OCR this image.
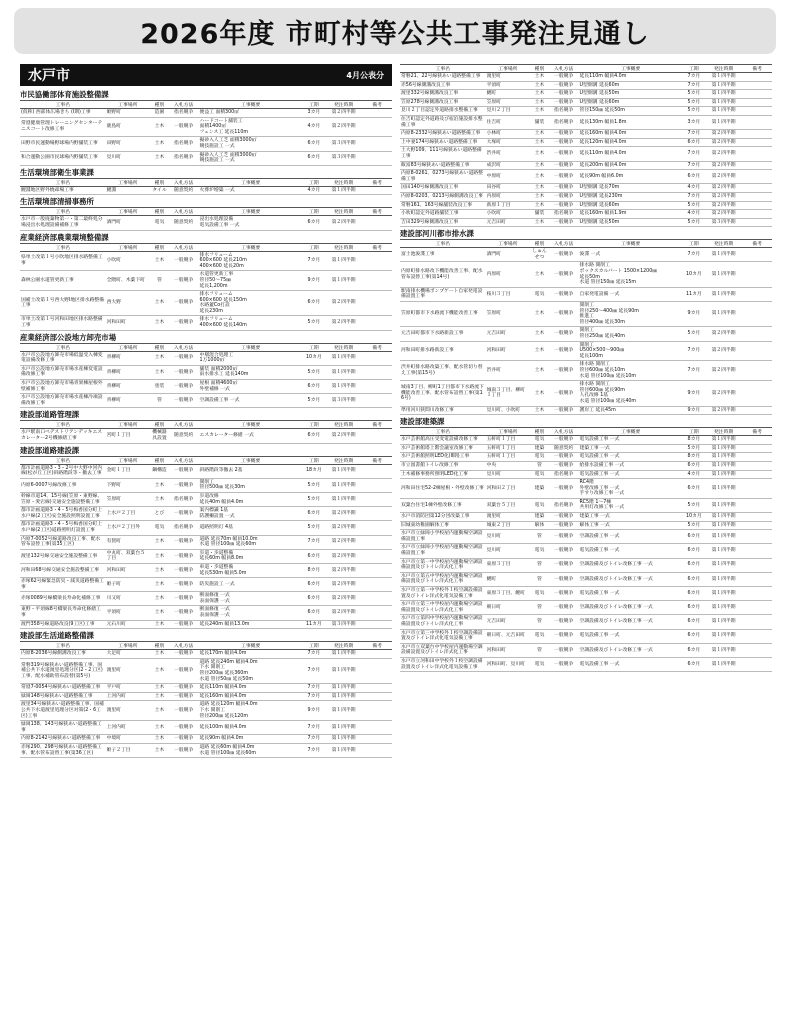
2026年度 市町村等公共工事発注見通し
水戸市	4月公表分
市民協働部体育施設整備課
工事名	工事場所	種別	入札方法	工事概要	工期	発注時期	備考
(仮称) 西部体広場きち (Ⅰ期)工事	姫野町	造園	指名競争	便益工 面積300㎡	3カ月	第２四半期	
常澄健康管理トレーニングセンターテニスコート改修工事	鹿島町	土木	一般競争	ハードコート舗装工
面積1400㎡
フェンス工 延長110m	4カ月	第２四半期	
田野市民運動場野球場内野舗装工事	田野町	土木	指名競争	擬砂入人工芝 面積3000㎡
競技施設工 一式	6カ月	第３四半期	
和合運動公園市民球場内野舗装工事	見川町	土木	指名競争	擬砂入人工芝 面積3000㎡
競技施設工 一式	6カ月	第３四半期	
生活環境部衛生事業課
工事名	工事場所	種別	入札方法	工事概要	工期	発注時期	備考
鯉淵地区野外焼却場工事	鯉淵	タイル	随意契約	火葬炉増築 一式	4カ月	第１四半期	
生活環境部清掃事務所
工事名	工事場所	種別	入札方法	工事概要	工期	発注時期	備考
水戸市一般廃棄物第一・第二最終処分場浸出水処理設備補修工事	酒門町	電気	随意契約	浸出水処理設備
電気設備工事 一式	6カ月	第２四半期	
産業経済部農業環境整備課
工事名	工事場所	種別	入札方法	工事概要	工期	発注時期	備考
県単土改第１号小吹地区排水路整備工事	小吹町	土木	一般競争	排水フリューム
600×600 延長210m
400×600 延長20m	7カ月	第１四半期	
森林公園水道管更新工事	全隈町、木葉下町	管	一般競争	水道管更新工事
管径50～75㎜
延長1,200m	9カ月	第１四半期	
国補土改第１号西大野Ⅰ地区排水路整備工事	西大野	土木	一般競争	排水フリューム
600×600 延長150m
水路蓋Co打設
延長230m	6カ月	第２四半期	
市単土改第１号河和田地区排水路整備工事	河和田町	土木	一般競争	排水フリューム
400×600 延長140m	5カ月	第２四半期	
産業経済部公設地方卸売市場
工事名	工事場所	種別	入札方法	工事概要	工期	発注時期	備考
水戸市公設地方卸売市場低温受入棟変電設備改修工事	青柳町	土木	一般競争	中層混合処理工
1万1000㎡	10カ月	第１四半期	
水戸市公設地方卸売市場水産棟変電設備改修工事	青柳町	土木	一般競争	舗装 面積2000㎡
雨水排水工 延長140m	5カ月	第１四半期	
水戸市公設地方卸売市場青果棟屋根外壁補修工事	青柳町	塗装	一般競争	屋根 面積4600㎡
外壁補修 一式	6カ月	第１四半期	
水戸市公設地方卸売市場水産棟冷凍設備改修工事	青柳町	管	一般競争	空調設備工事 一式	5カ月	第３四半期	
建設部道路管理課
工事名	工事場所	種別	入札方法	工事概要	工期	発注時期	備考
水戸駅南口ペデストリアンデッキエスカレーター2号機修繕工事	宮町１丁目	機械器具設置	随意契約	エスカレーター修繕 一式	6カ月	第２四半期	
建設部道路建設課
工事名	工事場所	種別	入札方法	工事概要	工期	発注時期	備考
都市計画道路3・3・2号中大野中河内線(松が丘工区)斜路階段等・撤去工事	金町１丁目	鋼構造	一般競争	斜路階段等撤去 2基	18カ月	第１四半期	
内原6-0007号線改修工事	下野町	土木	一般競争	開削工
管径500㎜ 延長30m	5カ月	第１四半期	
幹線市道14、15号線(笠原・東野線、笠原・愛宕線)交通安全施設整備工事	笠原町	土木	指名競争	歩道改修
延長40m 幅員4.0m	5カ月	第１四半期	
都市計画道路3・4・5号梅香国分町上水戸線(2工区)安全施設照明設置工事	上水戸２丁目	とび	一般競争	案内標識 1基
防護柵設置 一式	6カ月	第２四半期	
都市計画道路3・4・5号梅香国分町上水戸線(2工区)道路照明灯設置工事	上水戸２丁目外	電気	指名競争	道路照明灯 4基	5カ月	第２四半期	
内原7-0052号線道路改良工事、配水管布設替工事(第35工区)	有賀町	土木	一般競争	道路 延長70m 幅員10.0m
水道 管径100㎜ 延長60m	7カ月	第２四半期	
渡里132号線交通安全施設整備工事	中丸町、双葉台５丁目	土木	一般競争	歩道・歩道整備
延長60m 幅員8.0m	6カ月	第２四半期	
河和田68号線交通安全施設整備工事	河和田町	土木	一般競争	車道・歩道整備
延長530m 幅員5.0m	8カ月	第２四半期	
赤塚62号線緊急防災・減災道路整備工事	姫子町	土木	一般競争	防災施設工 一式	6カ月	第２四半期	
赤塚0089号線橋梁長寿命化補修工事	川又町	土木	一般競争	断面修復 一式
表面保護 一式	6カ月	第２四半期	
東野・平須線8号橋梁長寿命化修繕工事	平須町	土木	一般競争	断面修復 一式
表面保護 一式	6カ月	第２四半期	
渡門358号線道路改良(9工区)工事	元石川町	土木	一般競争	延長240m 幅員13.0m	11カ月	第３四半期	
建設部生活道路整備課
工事名	工事場所	種別	入札方法	工事概要	工期	発注時期	備考
内原8-2036号線側溝改良工事	大足町	土木	一般競争	延長170m 幅員4.0m	7カ月	第１四半期	
常磐319号線狭あい道路整備工事、国補公共下水道渡里処理分区(2・2工区)工事、配水補助管布設替(第5号)	渡里町	土木	一般競争	道路 延長240m 幅員4.0m
下水 開削工
管径200㎜ 延長360m
水道 管径50㎜ 延長50m	7カ月	第１四半期	
常澄7-0054号線狭あい道路整備工事	平戸町	土木	一般競争	延長110m 幅員4.0m	7カ月	第１四半期	
緑岡148号線狭あい道路整備工事	上河内町	土木	一般競争	延長160m 幅員4.0m	7カ月	第１四半期	
渡里34号線狭あい道路整備工事、国補公共下水道渡里処理分区対策(2・6工区)工事	渡里町	土木	一般競争	道路 延長120m 幅員4.0m
下水 開削工
管径200㎜ 延長120m	9カ月	第１四半期	
緑岡138、143号線狭あい道路整備工事	上河内町	土木	一般競争	延長100m 幅員4.0m	7カ月	第１四半期	
内原8-2142号線狭あい道路整備工事	中境町	土木	一般競争	延長90m 幅員4.0m	7カ月	第１四半期	
赤塚290、298号線狭あい道路整備工事、配水管布設替工事(第36工区)	姫子２丁目	土木	一般競争	道路 延長60m 幅員4.0m
水道 管径100㎜ 延長60m	7カ月	第１四半期	
工事名	工事場所	種別	入札方法	工事概要	工期	発注時期	備考
常磐21、22号線狭あい道路整備工事	渡里町	土木	一般競争	延長110m 幅員4.0m	7カ月	第１四半期	
赤56号線側溝改良工事	平須町	土木	一般競争	U型側溝 延長60m	7カ月	第１四半期	
渡里332号線側溝改良工事	鯉町	土木	一般競争	U型側溝 延長50m	5カ月	第１四半期	
笠原278号線側溝改良工事	笠原町	土木	一般競争	U型側溝 延長60m	5カ月	第１四半期	
見川２丁目認定外道路排水整備工事	見川２丁目	土木	指名競争	管径150㎜ 延長50m	5カ月	第１四半期	
住吉町認定外道路及び宿泊施設排水整備工事	住吉町	舗装	指名競争	延長130m 幅員1.8m	3カ月	第１四半期	
内原8-2332号線狭あい道路整備工事	小林町	土木	一般競争	延長160m 幅員4.0m	7カ月	第２四半期	
上中妻174号線狭あい道路整備工事	大塚町	土木	一般競争	延長120m 幅員4.0m	6カ月	第２四半期	
土大野109、111号線狭あい道路整備工事	渋井町	土木	一般競争	延長110m 幅員4.0m	7カ月	第２四半期	
飯富83号線狭あい道路整備工事	成沢町	土木	一般競争	延長200m 幅員4.0m	7カ月	第２四半期	
内原8-0261、0273号線狭あい道路整備工事	中原町	土木	一般競争	延長90m 幅員6.0m	6カ月	第２四半期	
国田140号線側溝改良工事	田谷町	土木	一般競争	U型側溝 延長70m	4カ月	第２四半期	
内原8-0203、0213号線側溝改良工事	内原町	土木	一般競争	U型側溝 延長230m	7カ月	第２四半期	
常磐161、163号線舗装改良工事	新原１丁目	土木	一般競争	U型側溝 延長60m	5カ月	第２四半期	
小吹町認定外道路舗装工事	小吹町	舗装	指名競争	延長160m 幅員1.9m	4カ月	第２四半期	
吉田329号線側溝改良工事	元吉田町	土木	一般競争	U型側溝 延長50m	5カ月	第３四半期	
建設部河川都市排水課
工事名	工事場所	種別	入札方法	工事概要	工期	発注時期	備考
富士池浚渫工事	酒門町	しゅんせつ	一般競争	浚渫 一式	7カ月	第１四半期	
内原町排水路改下機能改善工事、配水管布設替工事(第14号)	内原町	土木	一般競争	排水路 開削工
ボックスカルバート 1500×1200㎜
延長50m
水道 管径150㎜ 延長15m	10カ月	第１四半期	
駅南排水機場ポンプゲート自家発電設備設置工事	桜川３丁目	電気	一般競争	自家発電設備 一式	11カ月	第１四半期	
笠原町都市下水路流下機能改善工事	笠原町	土木	一般競争	開削工
管径250～400㎜ 延長90m
推進工
管径400㎜ 延長30m	9カ月	第１四半期	
元吉田町都市下水路新設工事	元吉田町	土木	一般競争	開削工
管径250㎜ 延長40m	5カ月	第２四半期	
河和田町排水路新設工事	河和田町	土木	一般競争	開削工
U500×500～900㎜
延長100m	7カ月	第２四半期	
渋井町排水路改築工事、配水管切り替え工事(第15号)	渋井町	土木	一般競争	排水路 開削工
管径600㎜ 延長10m
水道 管径100㎜ 延長10m	7カ月	第２四半期	
城南3丁目、柳町1丁目都市下水路流下機能改善工事、配水管布設替工事(第16号)	城南３丁目、柳町１丁目	土木	一般競争	排水路 開削工
管径600㎜ 延長90m
人孔改修 1基
水道 管径100㎜ 延長40m	9カ月	第２四半期	
準用河川狭間川改修工事	見川町、小吹町	土木	一般競争	護岸工 延長45m	9カ月	第２四半期	
建設部建築課
工事名	工事場所	種別	入札方法	工事概要	工期	発注時期	備考
水戸芸術館高圧受変電設備改修工事	五軒町１丁目	電気	一般競争	電気設備工事 一式	8カ月	第１四半期	
水戸芸術館塔上階会議室改修工事	五軒町１丁目	建築	随意契約	建築工事 一式	5カ月	第１四半期	
水戸芸術館照明LED化(Ⅱ期)工事	五軒町１丁目	電気	一般競争	電気設備工事 一式	8カ月	第１四半期	
市立図書館トイレ改修工事	中央	管	一般競争	給排水設備工事 一式	6カ月	第１四半期	
土木補修事務所照明LED化工事	見川町	電気	指名競争	電気設備工事 一式	4カ月	第１四半期	
河和田住宅52-2棟屋根・外壁改修工事	河和田２丁目	建築	一般競争	RC4階
外壁改修工事 一式
手すり改修工事 一式	6カ月	第１四半期	
双葉台住宅1棟外壁改修工事	双葉台５丁目	電気	指名競争	RC5階 1～7棟
共用灯改修工事 一式	5カ月	第１四半期	
水戸市消防団第12分団改築工事	渡里町	建築	一般競争	建築工事 一式	10カ月	第１四半期	
旧城東幼稚園解体工事	城東２丁目	解体	一般競争	解体工事 一式	5カ月	第１四半期	
水戸市立緑岡小学校屋内運動場空調設備設置工事	見川町	管	一般競争	空調設備工事 一式	6カ月	第１四半期	
水戸市立緑岡小学校屋内運動場空調設備設置工事	見川町	電気	一般競争	電気設備工事 一式	6カ月	第１四半期	
水戸市立第一中学校屋内運動場空調設備設置及びトイレ洋式化工事	東原３丁目	管	一般競争	空調設備及びトイレ改修工事 一式	6カ月	第１四半期	
水戸市立第五中学校屋内運動場空調設備設置及びトイレ洋式化工事	鯉町	管	一般競争	空調設備及びトイレ改修工事 一式	6カ月	第１四半期	
水戸市立第一中学校外１校空調設備設置及びトイレ洋式化電気設備工事	東原３丁目、鯉町	電気	一般競争	電気設備工事 一式	6カ月	第１四半期	
水戸市立第三中学校屋内運動場空調設備設置及びトイレ洋式化工事	朝日町	管	一般競争	空調設備及びトイレ改修工事 一式	6カ月	第１四半期	
水戸市立第四中学校屋内運動場空調設備設置及びトイレ洋式化工事	元吉田町	管	一般競争	空調設備及びトイレ改修工事 一式	6カ月	第１四半期	
水戸市立第三中学校外１校空調設備設置及びトイレ洋式化電気設備工事	朝日町、元吉田町	電気	一般競争	電気設備工事 一式	6カ月	第１四半期	
水戸市立双葉台中学校屋内運動場空調設備設置及びトイレ洋式化工事	河和田町	管	一般競争	空調設備及びトイレ改修工事 一式	6カ月	第１四半期	
水戸市立河和田中学校外１校空調設備設置及びトイレ洋式化電気設備工事	河和田町、見川町	電気	一般競争	電気設備工事 一式	6カ月	第１四半期	
